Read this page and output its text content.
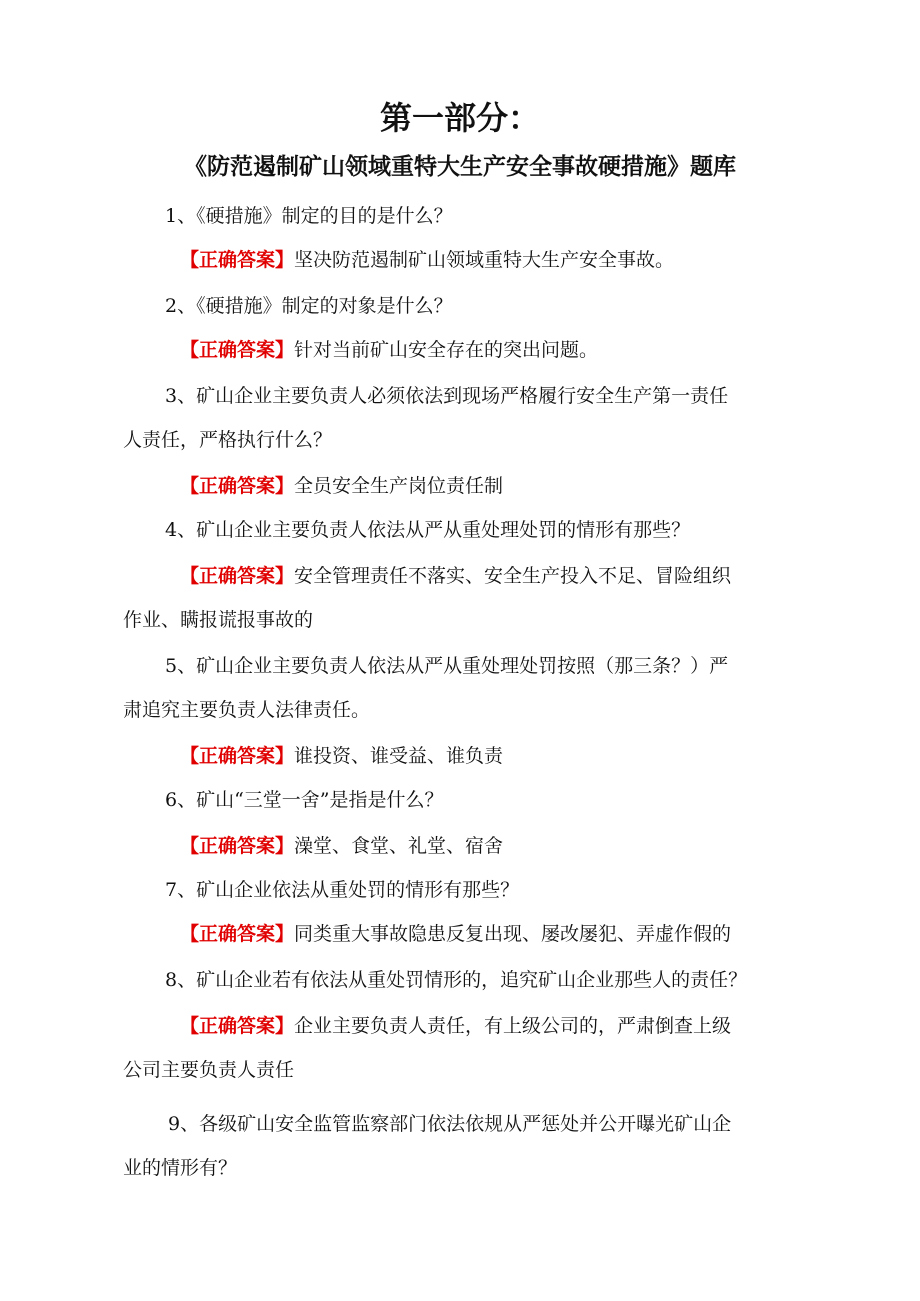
第一部分：
《防范遏制矿山领域重特大生产安全事故硬措施》题库
1、《硬措施》制定的目的是什么？
【正确答案】坚决防范遏制矿山领域重特大生产安全事故。
2、《硬措施》制定的对象是什么？
【正确答案】针对当前矿山安全存在的突出问题。
3、矿山企业主要负责人必须依法到现场严格履行安全生产第一责任
人责任，严格执行什么？
【正确答案】全员安全生产岗位责任制
4、矿山企业主要负责人依法从严从重处理处罚的情形有那些？
【正确答案】安全管理责任不落实、安全生产投入不足、冒险组织
作业、瞒报谎报事故的
5、矿山企业主要负责人依法从严从重处理处罚按照（那三条？）严
肃追究主要负责人法律责任。
【正确答案】谁投资、谁受益、谁负责
6、矿山“三堂一舍”是指是什么？
【正确答案】澡堂、食堂、礼堂、宿舍
7、矿山企业依法从重处罚的情形有那些？
【正确答案】同类重大事故隐患反复出现、屡改屡犯、弄虚作假的
8、矿山企业若有依法从重处罚情形的，追究矿山企业那些人的责任？
【正确答案】企业主要负责人责任，有上级公司的，严肃倒查上级
公司主要负责人责任
9、各级矿山安全监管监察部门依法依规从严惩处并公开曝光矿山企
业的情形有？
